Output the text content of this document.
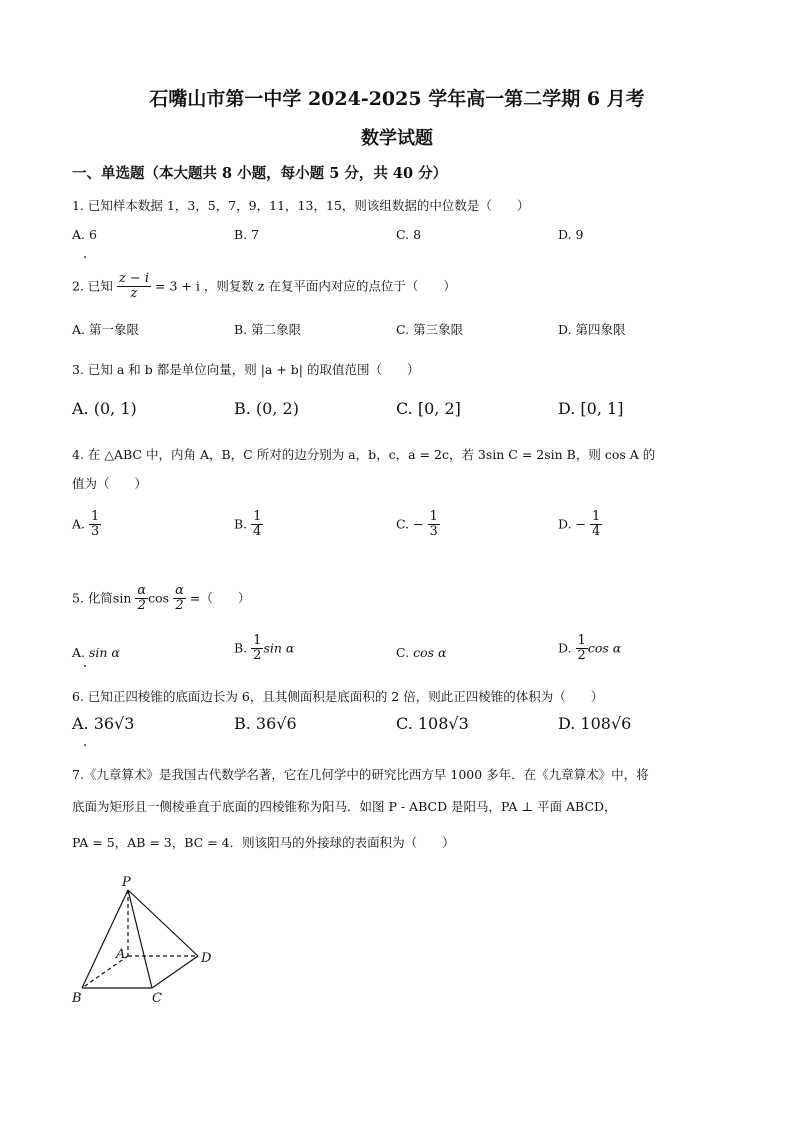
石嘴山市第一中学 2024-2025 学年高一第二学期 6 月考
数学试题
一、单选题（本大题共 8 小题，每小题 5 分，共 40 分）
1. 已知样本数据 1，3，5，7，9，11，13，15，则该组数据的中位数是（　　）
A. 6	B. 7	C. 8	D. 9
2. 已知 $\frac{z - i}{z} = 3 + i$ ，则复数 z 在复平面内对应的点位于（　　）
A. 第一象限	B. 第二象限	C. 第三象限	D. 第四象限
3. 已知 a 和 b 都是单位向量，则 |a + b| 的取值范围（　　）
A. (0, 1)	B. (0, 2)	C. [0, 2]	D. [0, 1]
4. 在 △ABC 中，内角 A，B，C 所对的边分别为 a，b，c，a = 2c，若 3sin C = 2sin B，则 cos A 的
值为（　　）
A. $\frac{1}{3}$	B. $\frac{1}{4}$	C. − $\frac{1}{3}$	D. − $\frac{1}{4}$
5. 化简$\sin \frac{\alpha}{2}$ $\cos \frac{\alpha}{2}$ =（　　）
A. sin α	B. $\frac{1}{2}$ sin α	C. cos α	D. $\frac{1}{2}$ cos α
6. 已知正四棱锥的底面边长为 6，且其侧面积是底面积的 2 倍，则此正四棱锥的体积为（　　）
A. 36√3	B. 36√6	C. 108√3	D. 108√6
7.《九章算术》是我国古代数学名著，它在几何学中的研究比西方早 1000 多年．在《九章算术》中，将
底面为矩形且一侧棱垂直于底面的四棱锥称为阳马．如图 P - ABCD 是阳马，PA ⊥ 平面 ABCD，
PA = 5，AB = 3，BC = 4．则该阳马的外接球的表面积为（　　）
P
A
B	C
D
